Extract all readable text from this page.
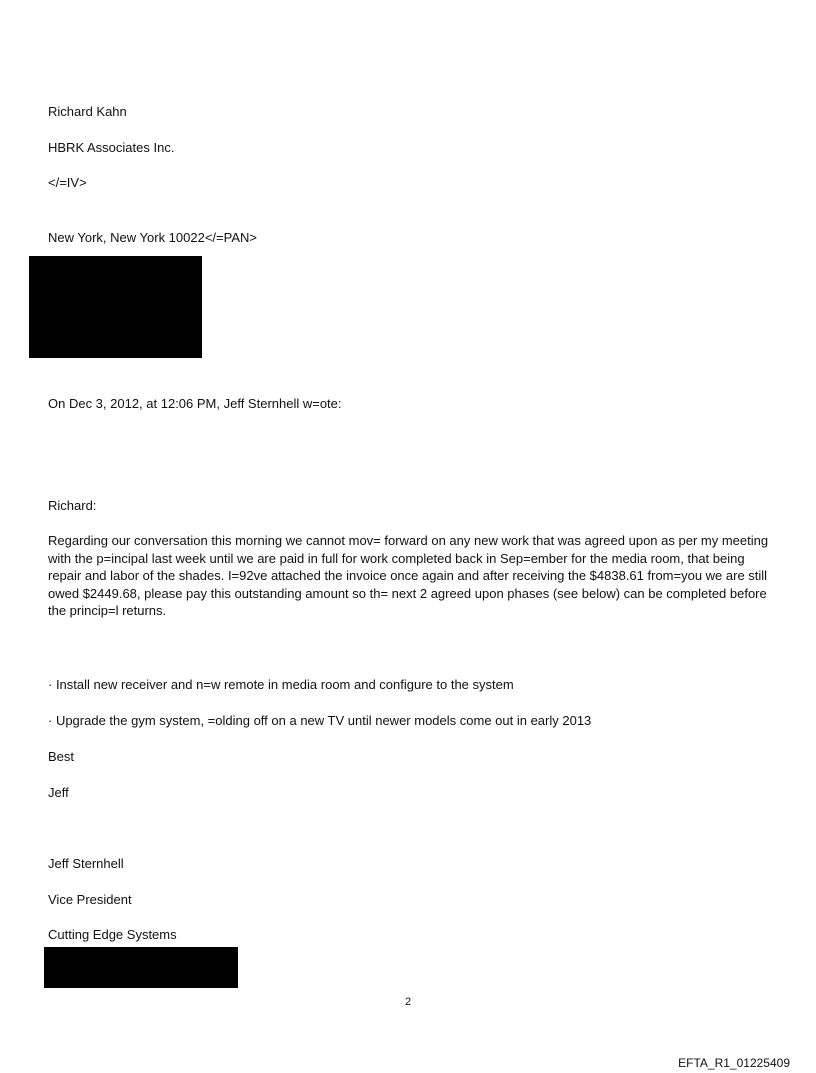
Richard Kahn

HBRK Associates Inc.

</=IV>

New York, New York 10022</=PAN>

On Dec 3, 2012, at 12:06 PM, Jeff Sternhell w=ote:

Richard:

Regarding our conversation this morning we cannot mov= forward on any new work that was agreed upon as per my meeting with the p=incipal last week until we are paid in full for work completed back in Sep=ember for the media room, that being repair and labor of the shades. I=92ve attached the invoice once again and after receiving the $4838.61 from=you we are still owed $2449.68, please pay this outstanding amount so th= next 2 agreed upon phases (see below) can be completed before the princip=l returns.

· Install new receiver and n=w remote in media room and configure to the system

· Upgrade the gym system, =olding off on a new TV until newer models come out in early 2013

Best

Jeff

Jeff Sternhell

Vice President

Cutting Edge Systems

2
EFTA_R1_01225409
